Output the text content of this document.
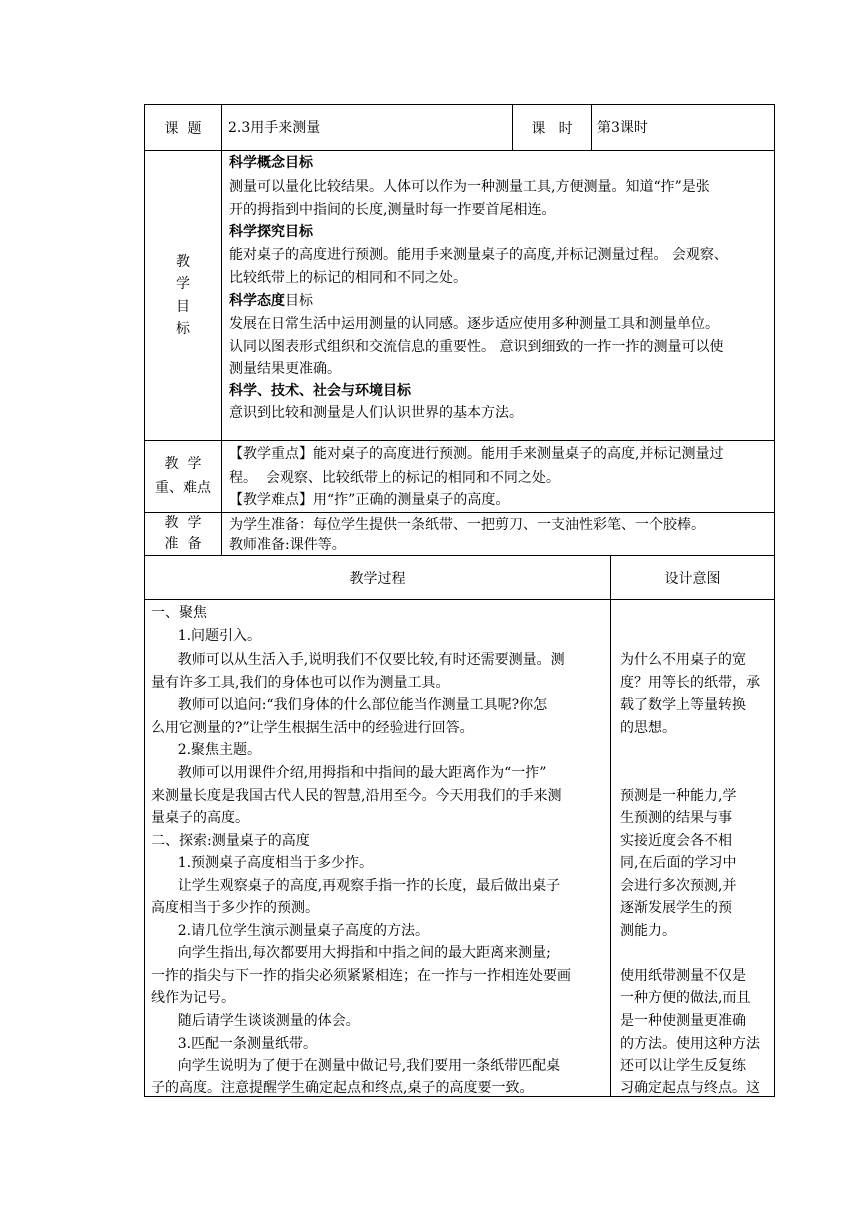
课  题 2.3用手来测量	课   时 第3课时
教
学
目
标
科学概念目标
测量可以量化比较结果。人体可以作为一种测量工具,方便测量。知道“拃”是张
开的拇指到中指间的长度,测量时每一拃要首尾相连。
科学探究目标
能对桌子的高度进行预测。能用手来测量桌子的高度,并标记测量过程。 会观察、
比较纸带上的标记的相同和不同之处。
科学态度目标
发展在日常生活中运用测量的认同感。逐步适应使用多种测量工具和测量单位。
认同以图表形式组织和交流信息的重要性。 意识到细致的一拃一拃的测量可以使
测量结果更准确。
科学、技术、社会与环境目标
意识到比较和测量是人们认识世界的基本方法。
教  学
重、难点
【教学重点】能对桌子的高度进行预测。能用手来测量桌子的高度,并标记测量过
程。  会观察、比较纸带上的标记的相同和不同之处。
【教学难点】用“拃”正确的测量桌子的高度。
教  学
准  备
为学生准备：每位学生提供一条纸带、一把剪刀、一支油性彩笔、一个胶棒。
教师准备:课件等。
教学过程	设计意图
一、聚焦
1.问题引入。
教师可以从生活入手,说明我们不仅要比较,有时还需要测量。测
量有许多工具,我们的身体也可以作为测量工具。
教师可以追问:“我们身体的什么部位能当作测量工具呢?你怎
么用它测量的?”让学生根据生活中的经验进行回答。
2.聚焦主题。
教师可以用课件介绍,用拇指和中指间的最大距离作为“一拃”
来测量长度是我国古代人民的智慧,沿用至今。今天用我们的手来测
量桌子的高度。
二、探索:测量桌子的高度
1.预测桌子高度相当于多少拃。
让学生观察桌子的高度,再观察手指一拃的长度，最后做出桌子
高度相当于多少拃的预测。
2.请几位学生演示测量桌子高度的方法。
向学生指出,每次都要用大拇指和中指之间的最大距离来测量;
一拃的指尖与下一拃的指尖必须紧紧相连；在一拃与一拃相连处要画
线作为记号。
随后请学生谈谈测量的体会。
3.匹配一条测量纸带。
向学生说明为了便于在测量中做记号,我们要用一条纸带匹配桌
子的高度。注意提醒学生确定起点和终点,桌子的高度要一致。
为什么不用桌子的宽
度？用等长的纸带，承
载了数学上等量转换
的思想。
预测是一种能力,学
生预测的结果与事
实接近度会各不相
同,在后面的学习中
会进行多次预测,并
逐渐发展学生的预
测能力。
使用纸带测量不仅是
一种方便的做法,而且
是一种使测量更准确
的方法。使用这种方法
还可以让学生反复练
习确定起点与终点。这
